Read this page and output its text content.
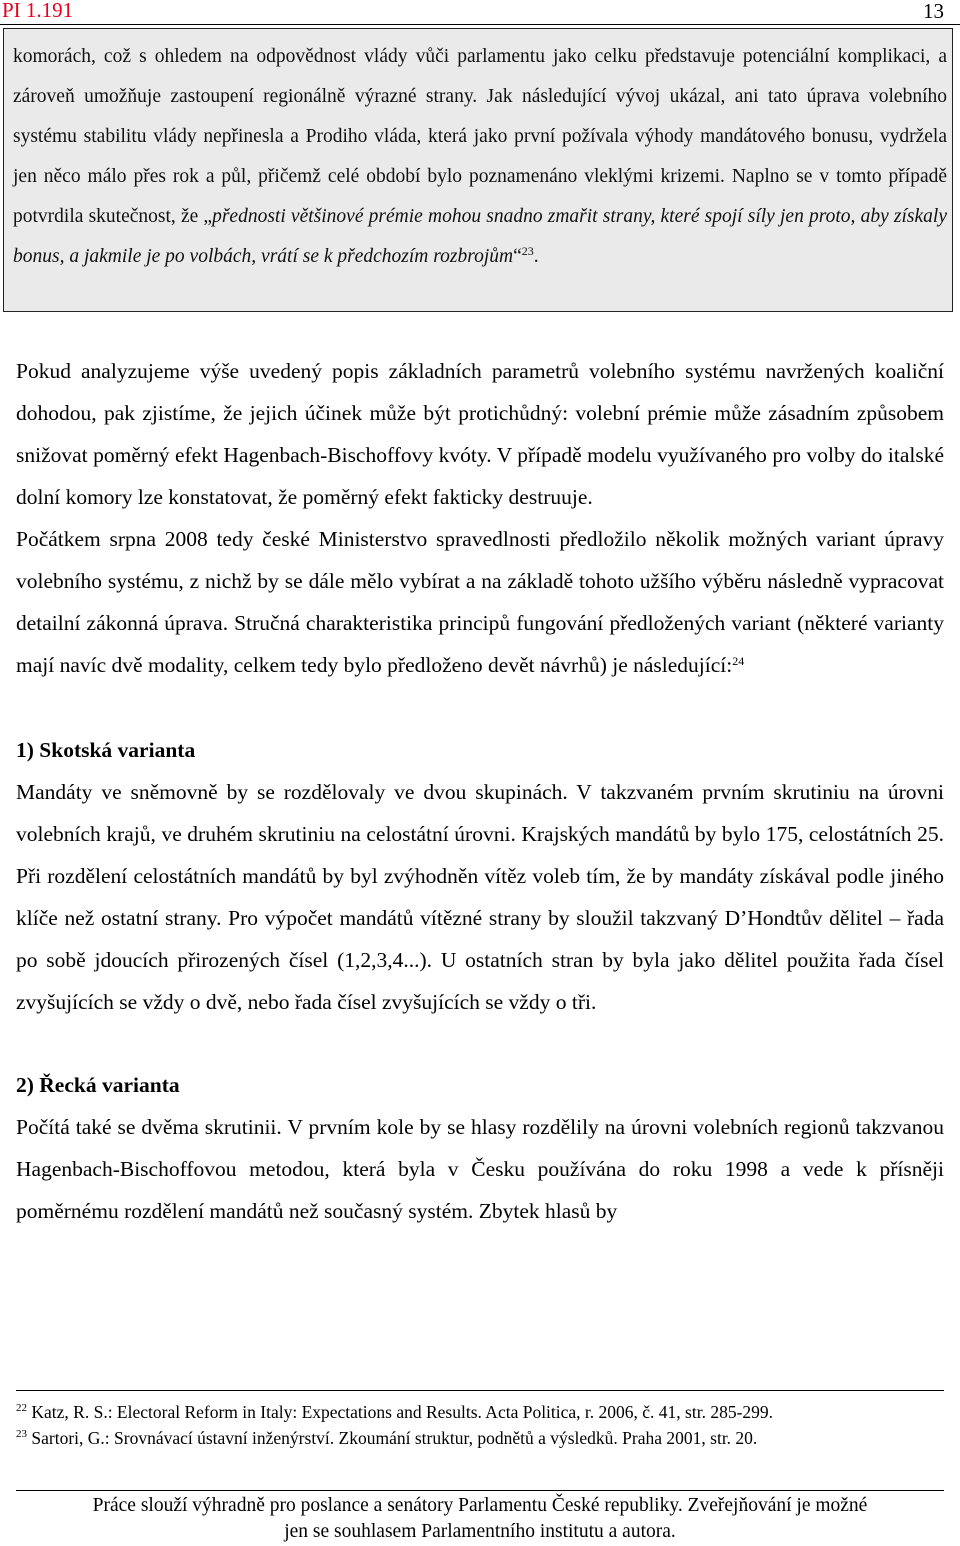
PI 1.191	13

komorách, což s ohledem na odpovědnost vlády vůči parlamentu jako celku představuje potenciální komplikaci, a zároveň umožňuje zastoupení regionálně výrazné strany. Jak následující vývoj ukázal, ani tato úprava volebního systému stabilitu vlády nepřinesla a Prodiho vláda, která jako první požívala výhody mandátového bonusu, vydržela jen něco málo přes rok a půl, přičemž celé období bylo poznamenáno vleklými krizemi. Naplno se v tomto případě potvrdila skutečnost, že „přednosti většinové prémie mohou snadno zmařit strany, které spojí síly jen proto, aby získaly bonus, a jakmile je po volbách, vrátí se k předchozím rozbrojům“$^{23}$.

Pokud analyzujeme výše uvedený popis základních parametrů volebního systému navržených koaliční dohodou, pak zjistíme, že jejich účinek může být protichůdný: volební prémie může zásadním způsobem snižovat poměrný efekt Hagenbach-Bischoffovy kvóty. V případě modelu využívaného pro volby do italské dolní komory lze konstatovat, že poměrný efekt fakticky destruuje.

Počátkem srpna 2008 tedy české Ministerstvo spravedlnosti předložilo několik možných variant úpravy volebního systému, z nichž by se dále mělo vybírat a na základě tohoto užšího výběru následně vypracovat detailní zákonná úprava. Stručná charakteristika principů fungování předložených variant (některé varianty mají navíc dvě modality, celkem tedy bylo předloženo devět návrhů) je následující:$^{24}$

1) Skotská varianta

Mandáty ve sněmovně by se rozdělovaly ve dvou skupinách. V takzvaném prvním skrutiniu na úrovni volebních krajů, ve druhém skrutiniu na celostátní úrovni. Krajských mandátů by bylo 175, celostátních 25. Při rozdělení celostátních mandátů by byl zvýhodněn vítěz voleb tím, že by mandáty získával podle jiného klíče než ostatní strany. Pro výpočet mandátů vítězné strany by sloužil takzvaný D’Hondtův dělitel – řada po sobě jdoucích přirozených čísel (1,2,3,4...). U ostatních stran by byla jako dělitel použita řada čísel zvyšujících se vždy o dvě, nebo řada čísel zvyšujících se vždy o tři.

2) Řecká varianta

Počítá také se dvěma skrutinii. V prvním kole by se hlasy rozdělily na úrovni volebních regionů takzvanou Hagenbach-Bischoffovou metodou, která byla v Česku používána do roku 1998 a vede k přísněji poměrnému rozdělení mandátů než současný systém. Zbytek hlasů by

$^{22}$ Katz, R. S.: Electoral Reform in Italy: Expectations and Results. Acta Politica, r. 2006, č. 41, str. 285-299.
$^{23}$ Sartori, G.: Srovnávací ústavní inženýrství. Zkoumání struktur, podnětů a výsledků. Praha 2001, str. 20.
Práce slouží výhradně pro poslance a senátory Parlamentu České republiky. Zveřejňování je možné
jen se souhlasem Parlamentního institutu a autora.
